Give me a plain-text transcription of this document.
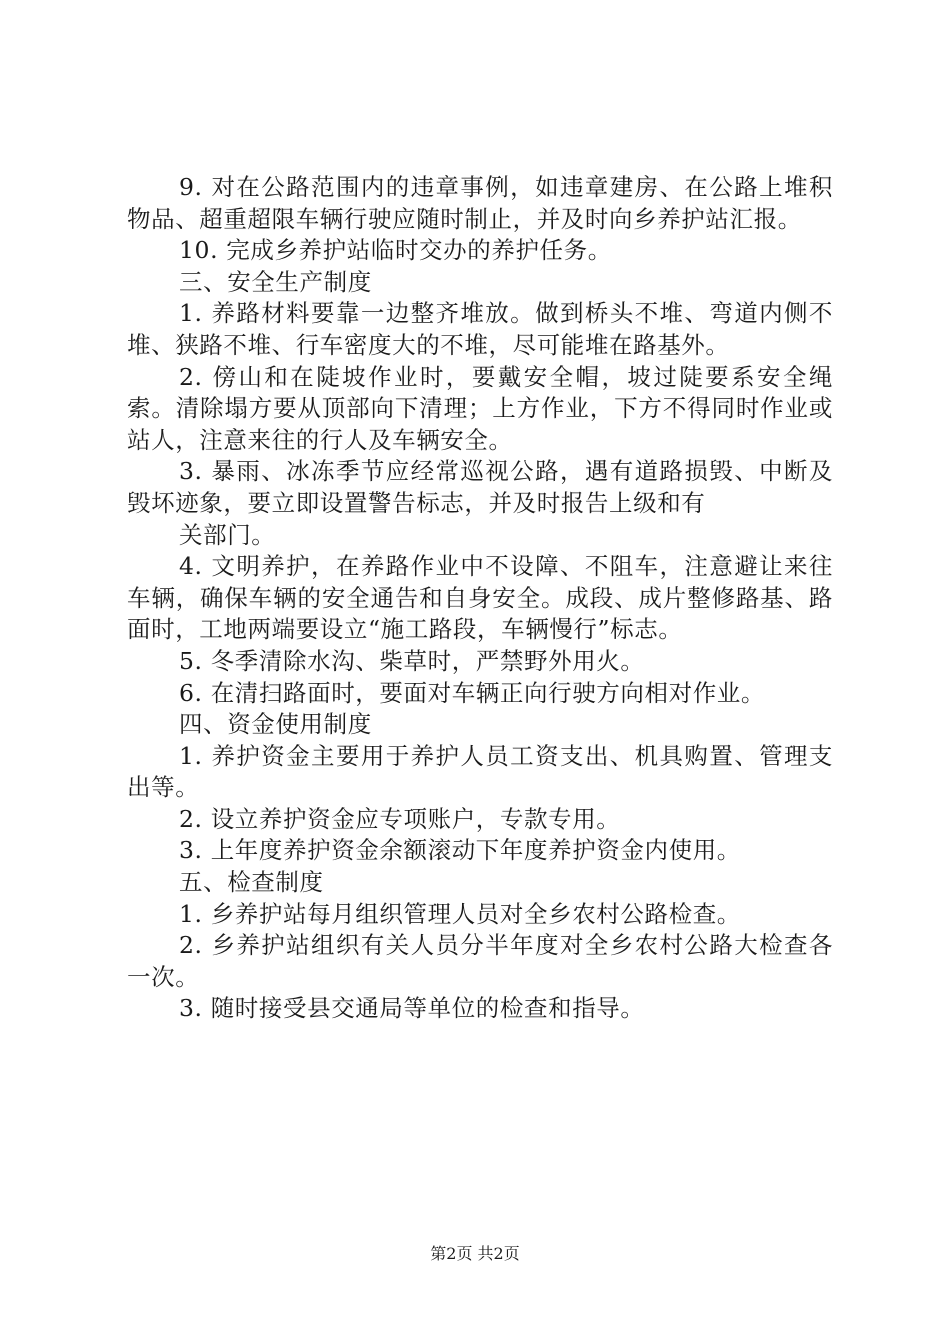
9. 对在公路范围内的违章事例，如违章建房、在公路上堆积物品、超重超限车辆行驶应随时制止，并及时向乡养护站汇报。

10. 完成乡养护站临时交办的养护任务。

三、安全生产制度

1. 养路材料要靠一边整齐堆放。做到桥头不堆、弯道内侧不堆、狭路不堆、行车密度大的不堆，尽可能堆在路基外。

2. 傍山和在陡坡作业时，要戴安全帽，坡过陡要系安全绳索。清除塌方要从顶部向下清理；上方作业，下方不得同时作业或站人，注意来往的行人及车辆安全。

3. 暴雨、冰冻季节应经常巡视公路，遇有道路损毁、中断及毁坏迹象，要立即设置警告标志，并及时报告上级和有

关部门。

4. 文明养护，在养路作业中不设障、不阻车，注意避让来往车辆，确保车辆的安全通告和自身安全。成段、成片整修路基、路面时，工地两端要设立“施工路段，车辆慢行”标志。

5. 冬季清除水沟、柴草时，严禁野外用火。

6. 在清扫路面时，要面对车辆正向行驶方向相对作业。

四、资金使用制度

1. 养护资金主要用于养护人员工资支出、机具购置、管理支出等。

2. 设立养护资金应专项账户，专款专用。

3. 上年度养护资金余额滚动下年度养护资金内使用。

五、检查制度

1. 乡养护站每月组织管理人员对全乡农村公路检查。

2. 乡养护站组织有关人员分半年度对全乡农村公路大检查各一次。

3. 随时接受县交通局等单位的检查和指导。

第2页 共2页
